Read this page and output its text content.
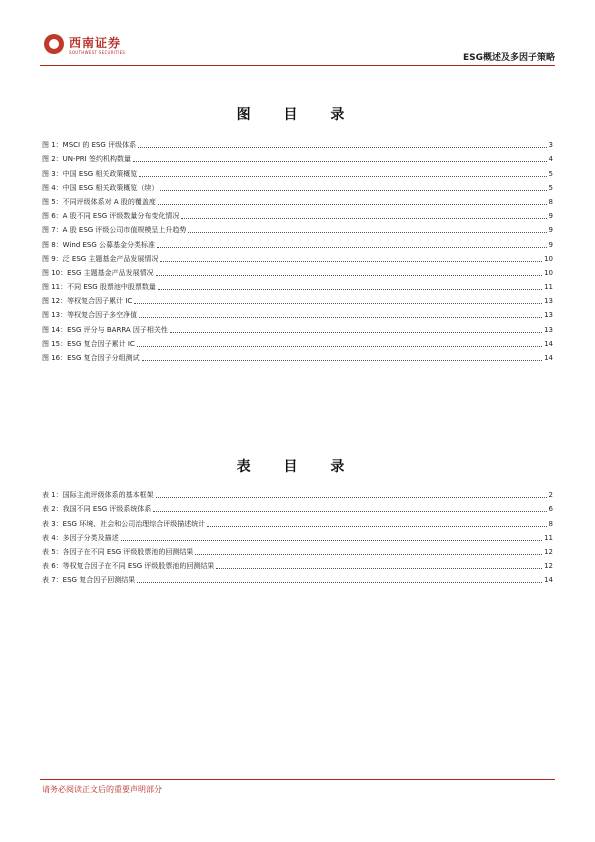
西南证券
SOUTHWEST SECURITIES
ESG概述及多因子策略
图 目 录
图 1：MSCI 的 ESG 评级体系	3
图 2：UN-PRI 签约机构数量	4
图 3：中国 ESG 相关政策概览	5
图 4：中国 ESG 相关政策概览（续）	5
图 5：不同评级体系对 A 股的覆盖度	8
图 6：A 股不同 ESG 评级数量分布变化情况	9
图 7：A 股 ESG 评级公司市值规模呈上升趋势	9
图 8：Wind ESG 公募基金分类标准	9
图 9：泛 ESG 主题基金产品发展情况	10
图 10：ESG 主题基金产品发展情况	10
图 11：不同 ESG 股票池中股票数量	11
图 12：等权复合因子累计 IC	13
图 13：等权复合因子多空净值	13
图 14：ESG 评分与 BARRA 因子相关性	13
图 15：ESG 复合因子累计 IC	14
图 16：ESG 复合因子分组测试	14
表 目 录
表 1：国际主流评级体系的基本框架	2
表 2：我国不同 ESG 评级系统体系	6
表 3：ESG 环境、社会和公司治理综合评级描述统计	8
表 4：多因子分类及描述	11
表 5：各因子在不同 ESG 评级股票池的回测结果	12
表 6：等权复合因子在不同 ESG 评级股票池的回测结果	12
表 7：ESG 复合因子回测结果	14
请务必阅读正文后的重要声明部分
